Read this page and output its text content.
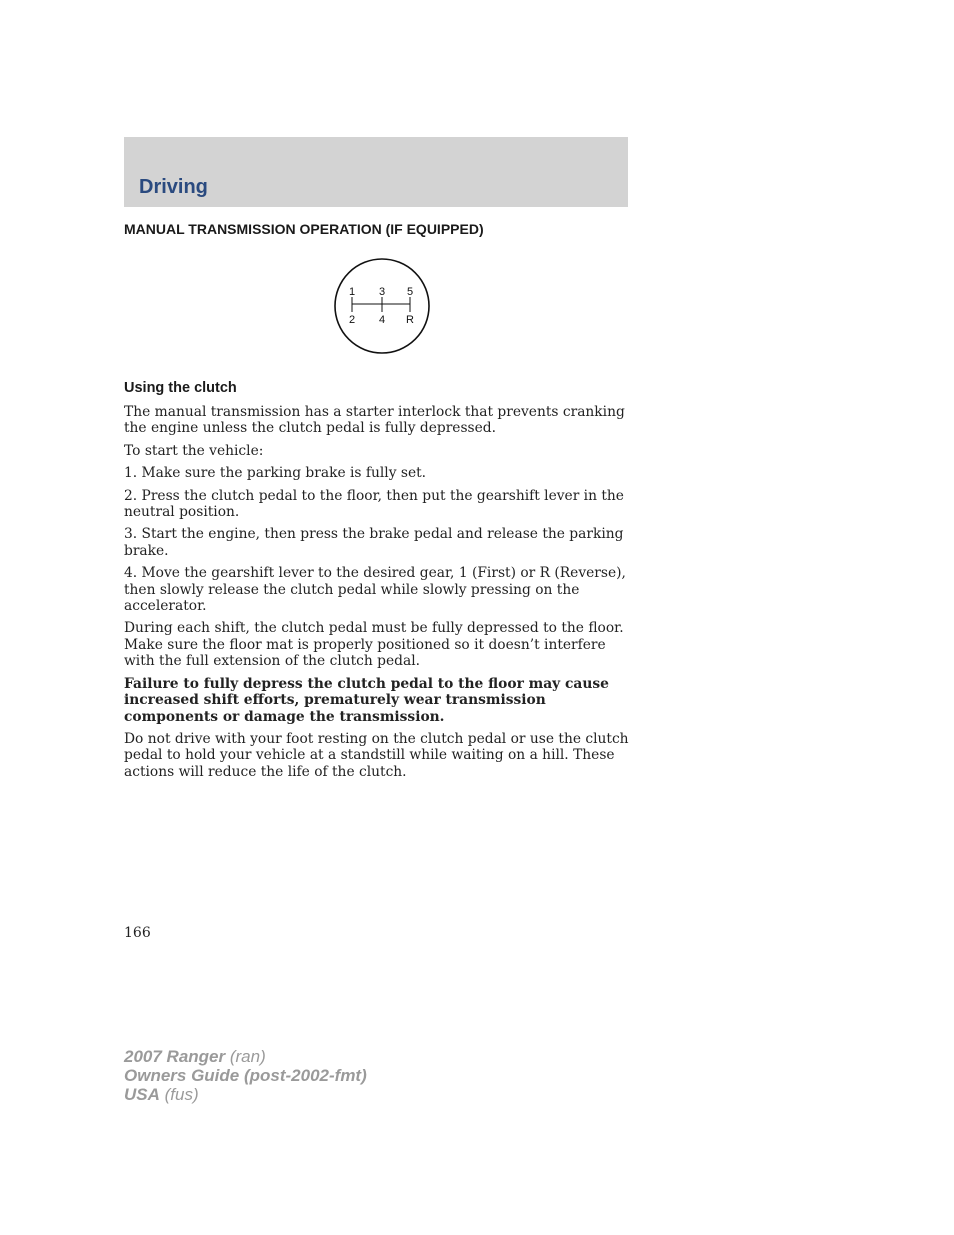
Driving
MANUAL TRANSMISSION OPERATION (IF EQUIPPED)
1 3 5
2 4 R
Using the clutch

The manual transmission has a starter interlock that prevents cranking the engine unless the clutch pedal is fully depressed.

To start the vehicle:

1. Make sure the parking brake is fully set.

2. Press the clutch pedal to the floor, then put the gearshift lever in the neutral position.

3. Start the engine, then press the brake pedal and release the parking brake.

4. Move the gearshift lever to the desired gear, 1 (First) or R (Reverse), then slowly release the clutch pedal while slowly pressing on the accelerator.

During each shift, the clutch pedal must be fully depressed to the floor. Make sure the floor mat is properly positioned so it doesn’t interfere with the full extension of the clutch pedal.

Failure to fully depress the clutch pedal to the floor may cause increased shift efforts, prematurely wear transmission components or damage the transmission.

Do not drive with your foot resting on the clutch pedal or use the clutch pedal to hold your vehicle at a standstill while waiting on a hill. These actions will reduce the life of the clutch.

166
2007 Ranger (ran)
Owners Guide (post-2002-fmt)
USA (fus)
